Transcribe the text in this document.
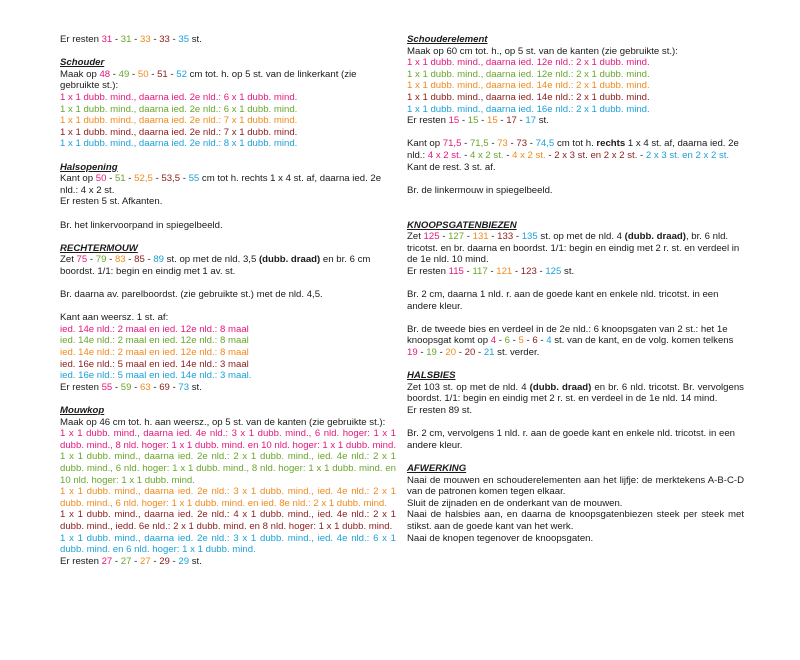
Er resten 31 - 31 - 33 - 33 - 35 st.
Schouder
Maak op 48 - 49 - 50 - 51 - 52 cm tot. h. op 5 st. van de linkerkant (zie gebruikte st.):
1 x 1 dubb. mind., daarna ied. 2e nld.: 6 x 1 dubb. mind.
1 x 1 dubb. mind., daarna ied. 2e nld.: 6 x 1 dubb. mind.
1 x 1 dubb. mind., daarna ied. 2e nld.: 7 x 1 dubb. mind.
1 x 1 dubb. mind., daarna ied. 2e nld.: 7 x 1 dubb. mind.
1 x 1 dubb. mind., daarna ied. 2e nld.: 8 x 1 dubb. mind.
Halsopening
Kant op 50 - 51 - 52,5 - 53,5 - 55 cm tot h. rechts 1 x 4 st. af, daarna ied. 2e nld.: 4 x 2 st.
Er resten 5 st. Afkanten.
Br. het linkervoorpand in spiegelbeeld.
RECHTERMOUW
Zet 75 - 79 - 83 - 85 - 89 st. op met de nld. 3,5 (dubb. draad) en br. 6 cm boordst. 1/1: begin en eindig met 1 av. st.
Br. daarna av. parelboordst. (zie gebruikte st.) met de nld. 4,5.
Kant aan weersz. 1 st. af:
ied. 14e nld.: 2 maal en ied. 12e nld.: 8 maal
ied. 14e nld.: 2 maal en ied. 12e nld.: 8 maal
ied. 14e nld.: 2 maal en ied. 12e nld.: 8 maal
ied. 16e nld.: 5 maal en ied. 14e nld.: 3 maal
ied. 16e nld.: 5 maal en ied. 14e nld.: 3 maal.
Er resten 55 - 59 - 63 - 69 - 73 st.
Mouwkop
Maak op 46 cm tot. h. aan weersz., op 5 st. van de kanten (zie gebruikte st.):
1 x 1 dubb. mind., daarna ied. 4e nld.: 3 x 1 dubb. mind., 6 nld. hoger: 1 x 1 dubb. mind., 8 nld. hoger: 1 x 1 dubb. mind. en 10 nld. hoger: 1 x 1 dubb. mind.
1 x 1 dubb. mind., daarna ied. 2e nld.: 2 x 1 dubb. mind., ied. 4e nld.: 2 x 1 dubb. mind., 6 nld. hoger: 1 x 1 dubb. mind., 8 nld. hoger: 1 x 1 dubb. mind. en 10 nld. hoger: 1 x 1 dubb. mind.
1 x 1 dubb. mind., daarna ied. 2e nld.: 3 x 1 dubb. mind., ied. 4e nld.: 2 x 1 dubb. mind., 6 nld. hoger: 1 x 1 dubb. mind. en ied. 8e nld.: 2 x 1 dubb. mind.
1 x 1 dubb. mind., daarna ied. 2e nld.: 4 x 1 dubb. mind., ied. 4e nld.: 2 x 1 dubb. mind., iedd. 6e nld.: 2 x 1 dubb. mind. en 8 nld. hoger: 1 x 1 dubb. mind.
1 x 1 dubb. mind., daarna ied. 2e nld.: 3 x 1 dubb. mind., ied. 4e nld.: 6 x 1 dubb. mind. en 6 nld. hoger: 1 x 1 dubb. mind.
Er resten 27 - 27 - 27 - 29 - 29 st.
Schouderelement
Maak op 60 cm tot. h., op 5 st. van de kanten (zie gebruikte st.):
1 x 1 dubb. mind., daarna ied. 12e nld.: 2 x 1 dubb. mind.
1 x 1 dubb. mind., daarna ied. 12e nld.: 2 x 1 dubb. mind.
1 x 1 dubb. mind., daarna ied. 14e nld.: 2 x 1 dubb. mind.
1 x 1 dubb. mind., daarna ied. 14e nld.: 2 x 1 dubb. mind.
1 x 1 dubb. mind., daarna ied. 16e nld.: 2 x 1 dubb. mind.
Er resten 15 - 15 - 15 - 17 - 17 st.
Kant op 71,5 - 71,5 - 73 - 73 - 74,5 cm tot h. rechts 1 x 4 st. af, daarna ied. 2e nld.: 4 x 2 st. - 4 x 2 st. - 4 x 2 st. - 2 x 3 st. en 2 x 2 st. - 2 x 3 st. en 2 x 2 st.
Kant de rest. 3 st. af.
Br. de linkermouw in spiegelbeeld.
KNOOPSGATENBIEZEN
Zet 125 - 127 - 131 - 133 - 135 st. op met de nld. 4 (dubb. draad), br. 6 nld. tricotst. en br. daarna en boordst. 1/1: begin en eindig met 2 r. st. en verdeel in de 1e nld. 10 mind.
Er resten 115 - 117 - 121 - 123 - 125 st.
Br. 2 cm, daarna 1 nld. r. aan de goede kant en enkele nld. tricotst. in een andere kleur.
Br. de tweede bies en verdeel in de 2e nld.: 6 knoopsgaten van 2 st.: het 1e knoopsgat komt op 4 - 6 - 5 - 6 - 4 st. van de kant, en de volg. komen telkens 19 - 19 - 20 - 20 - 21 st. verder.
HALSBIES
Zet 103 st. op met de nld. 4 (dubb. draad) en br. 6 nld. tricotst. Br. vervolgens boordst. 1/1: begin en eindig met 2 r. st. en verdeel in de 1e nld. 14 mind.
Er resten 89 st.
Br. 2 cm, vervolgens 1 nld. r. aan de goede kant en enkele nld. tricotst. in een andere kleur.
AFWERKING
Naai de mouwen en schouderelementen aan het lijfje: de merktekens A-B-C-D van de patronen komen tegen elkaar.
Sluit de zijnaden en de onderkant van de mouwen.
Naai de halsbies aan, en daarna de knoopsgatenbiezen steek per steek met stikst. aan de goede kant van het werk.
Naai de knopen tegenover de knoopsgaten.
